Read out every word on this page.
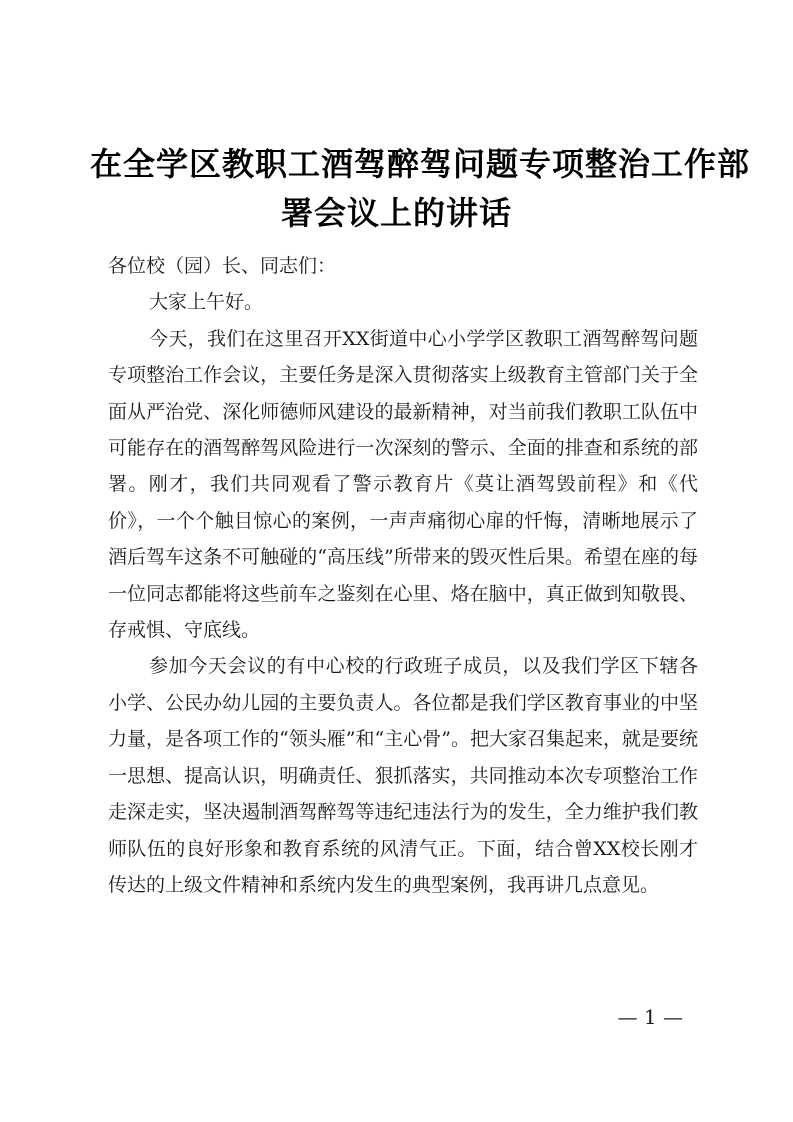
在全学区教职工酒驾醉驾问题专项整治工作部
署会议上的讲话

各位校（园）长、同志们：

大家上午好。

今天，我们在这里召开XX街道中心小学学区教职工酒驾醉驾问题专项整治工作会议，主要任务是深入贯彻落实上级教育主管部门关于全面从严治党、深化师德师风建设的最新精神，对当前我们教职工队伍中可能存在的酒驾醉驾风险进行一次深刻的警示、全面的排查和系统的部署。刚才，我们共同观看了警示教育片《莫让酒驾毁前程》和《代价》，一个个触目惊心的案例，一声声痛彻心扉的忏悔，清晰地展示了酒后驾车这条不可触碰的“高压线”所带来的毁灭性后果。希望在座的每一位同志都能将这些前车之鉴刻在心里、烙在脑中，真正做到知敬畏、存戒惧、守底线。

参加今天会议的有中心校的行政班子成员，以及我们学区下辖各小学、公民办幼儿园的主要负责人。各位都是我们学区教育事业的中坚力量，是各项工作的“领头雁”和“主心骨”。把大家召集起来，就是要统一思想、提高认识，明确责任、狠抓落实，共同推动本次专项整治工作走深走实，坚决遏制酒驾醉驾等违纪违法行为的发生，全力维护我们教师队伍的良好形象和教育系统的风清气正。下面，结合曾XX校长刚才传达的上级文件精神和系统内发生的典型案例，我再讲几点意见。

— 1 —
